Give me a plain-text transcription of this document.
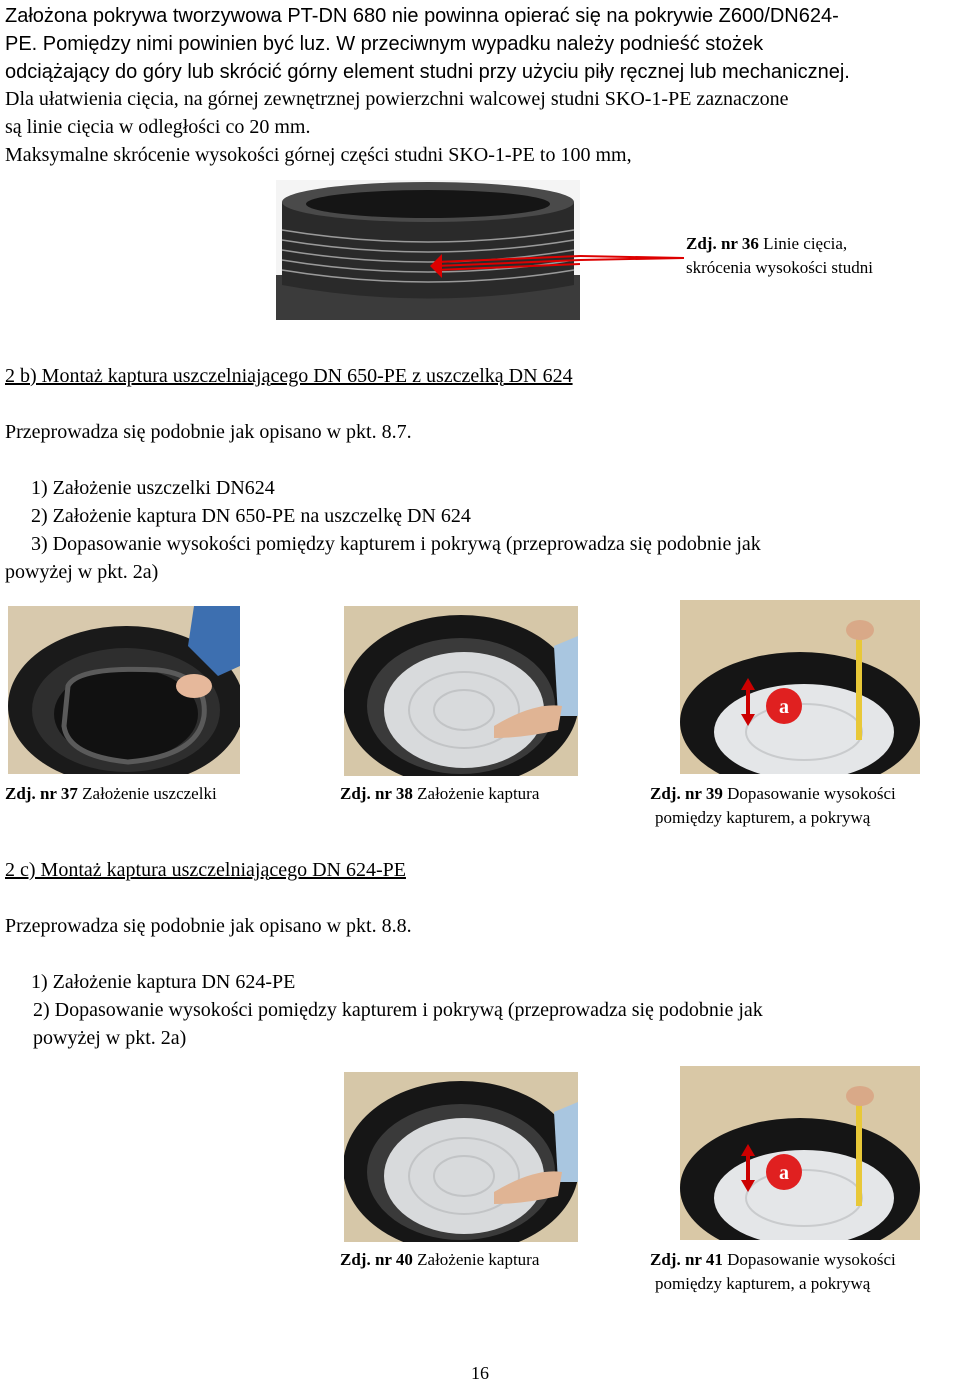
Założona pokrywa tworzywowa PT-DN 680 nie powinna opierać się na pokrywie Z600/DN624-
PE. Pomiędzy nimi powinien być luz. W przeciwnym wypadku należy podnieść stożek
odciążający do góry lub skrócić górny element studni przy użyciu piły ręcznej lub mechanicznej.
Dla ułatwienia cięcia, na górnej zewnętrznej powierzchni walcowej studni SKO-1-PE zaznaczone
są linie cięcia w odległości co 20 mm.
Maksymalne skrócenie wysokości górnej części studni SKO-1-PE to 100 mm,
Zdj. nr 36 Linie cięcia,
skrócenia wysokości studni
2 b) Montaż kaptura uszczelniającego DN 650-PE z uszczelką DN 624
Przeprowadza się podobnie jak opisano w pkt. 8.7.
1) Założenie uszczelki DN624
2) Założenie kaptura DN 650-PE na uszczelkę DN 624
3) Dopasowanie wysokości pomiędzy kapturem i pokrywą (przeprowadza się podobnie jak
powyżej w pkt. 2a)
a
Zdj. nr 37 Założenie uszczelki	Zdj. nr 38 Założenie kaptura	Zdj. nr 39 Dopasowanie wysokości
pomiędzy kapturem, a pokrywą
2 c) Montaż kaptura uszczelniającego DN 624-PE
Przeprowadza się podobnie jak opisano w pkt. 8.8.
1) Założenie kaptura DN 624-PE
2) Dopasowanie wysokości pomiędzy kapturem i pokrywą (przeprowadza się podobnie jak
powyżej w pkt. 2a)
a
Zdj. nr 40 Założenie kaptura	Zdj. nr 41 Dopasowanie wysokości
pomiędzy kapturem, a pokrywą
16
